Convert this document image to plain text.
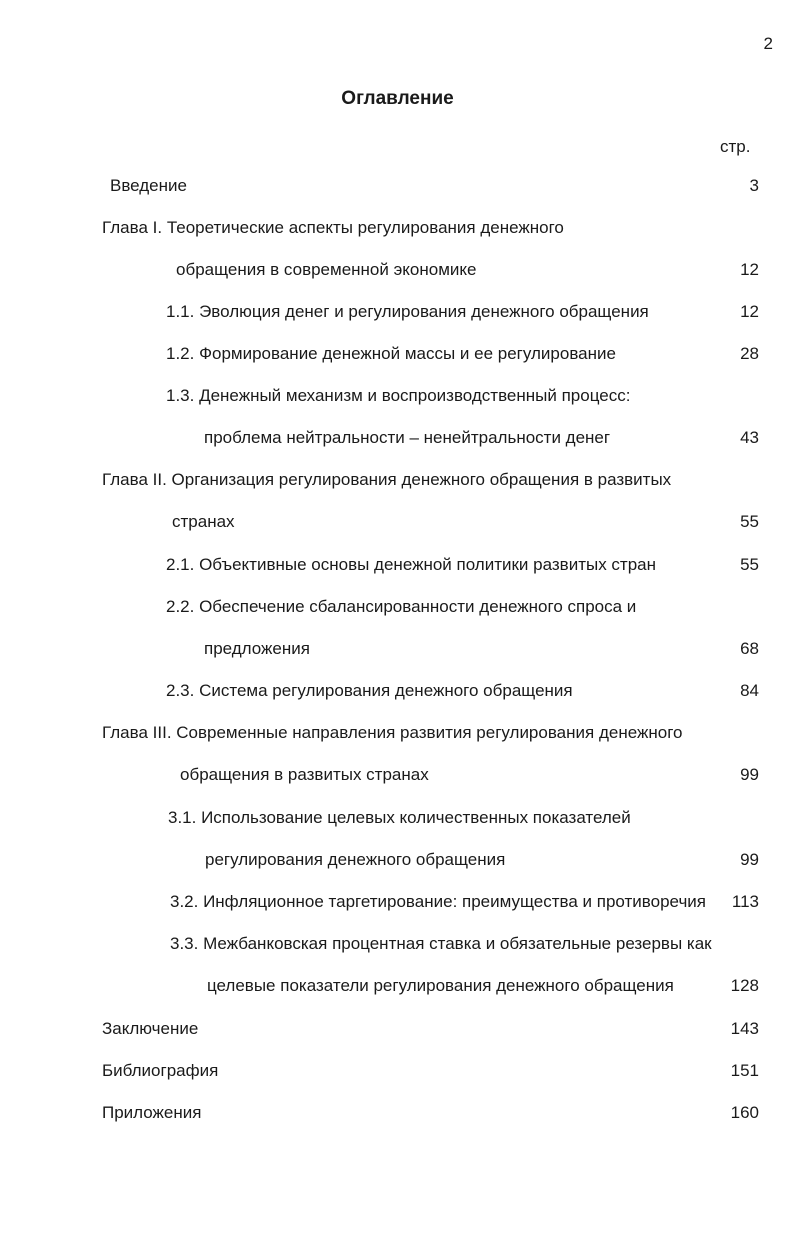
2
Оглавление
стр.
Введение	3
Глава I. Теоретические аспекты регулирования денежного
обращения в современной экономике	12
1.1. Эволюция денег и регулирования денежного обращения	12
1.2. Формирование денежной массы и ее регулирование	28
1.3. Денежный механизм и воспроизводственный процесс:
проблема нейтральности – ненейтральности денег	43
Глава II. Организация регулирования денежного обращения в развитых
странах	55
2.1. Объективные основы денежной политики развитых стран	55
2.2. Обеспечение сбалансированности денежного спроса и
предложения	68
2.3. Система регулирования денежного обращения	84
Глава III. Современные направления развития регулирования денежного
обращения в развитых странах	99
3.1. Использование целевых количественных показателей
регулирования денежного обращения	99
3.2. Инфляционное таргетирование: преимущества и противоречия 113
3.3. Межбанковская процентная ставка и обязательные резервы как
целевые показатели регулирования денежного обращения	128
Заключение	143
Библиография	151
Приложения	160
